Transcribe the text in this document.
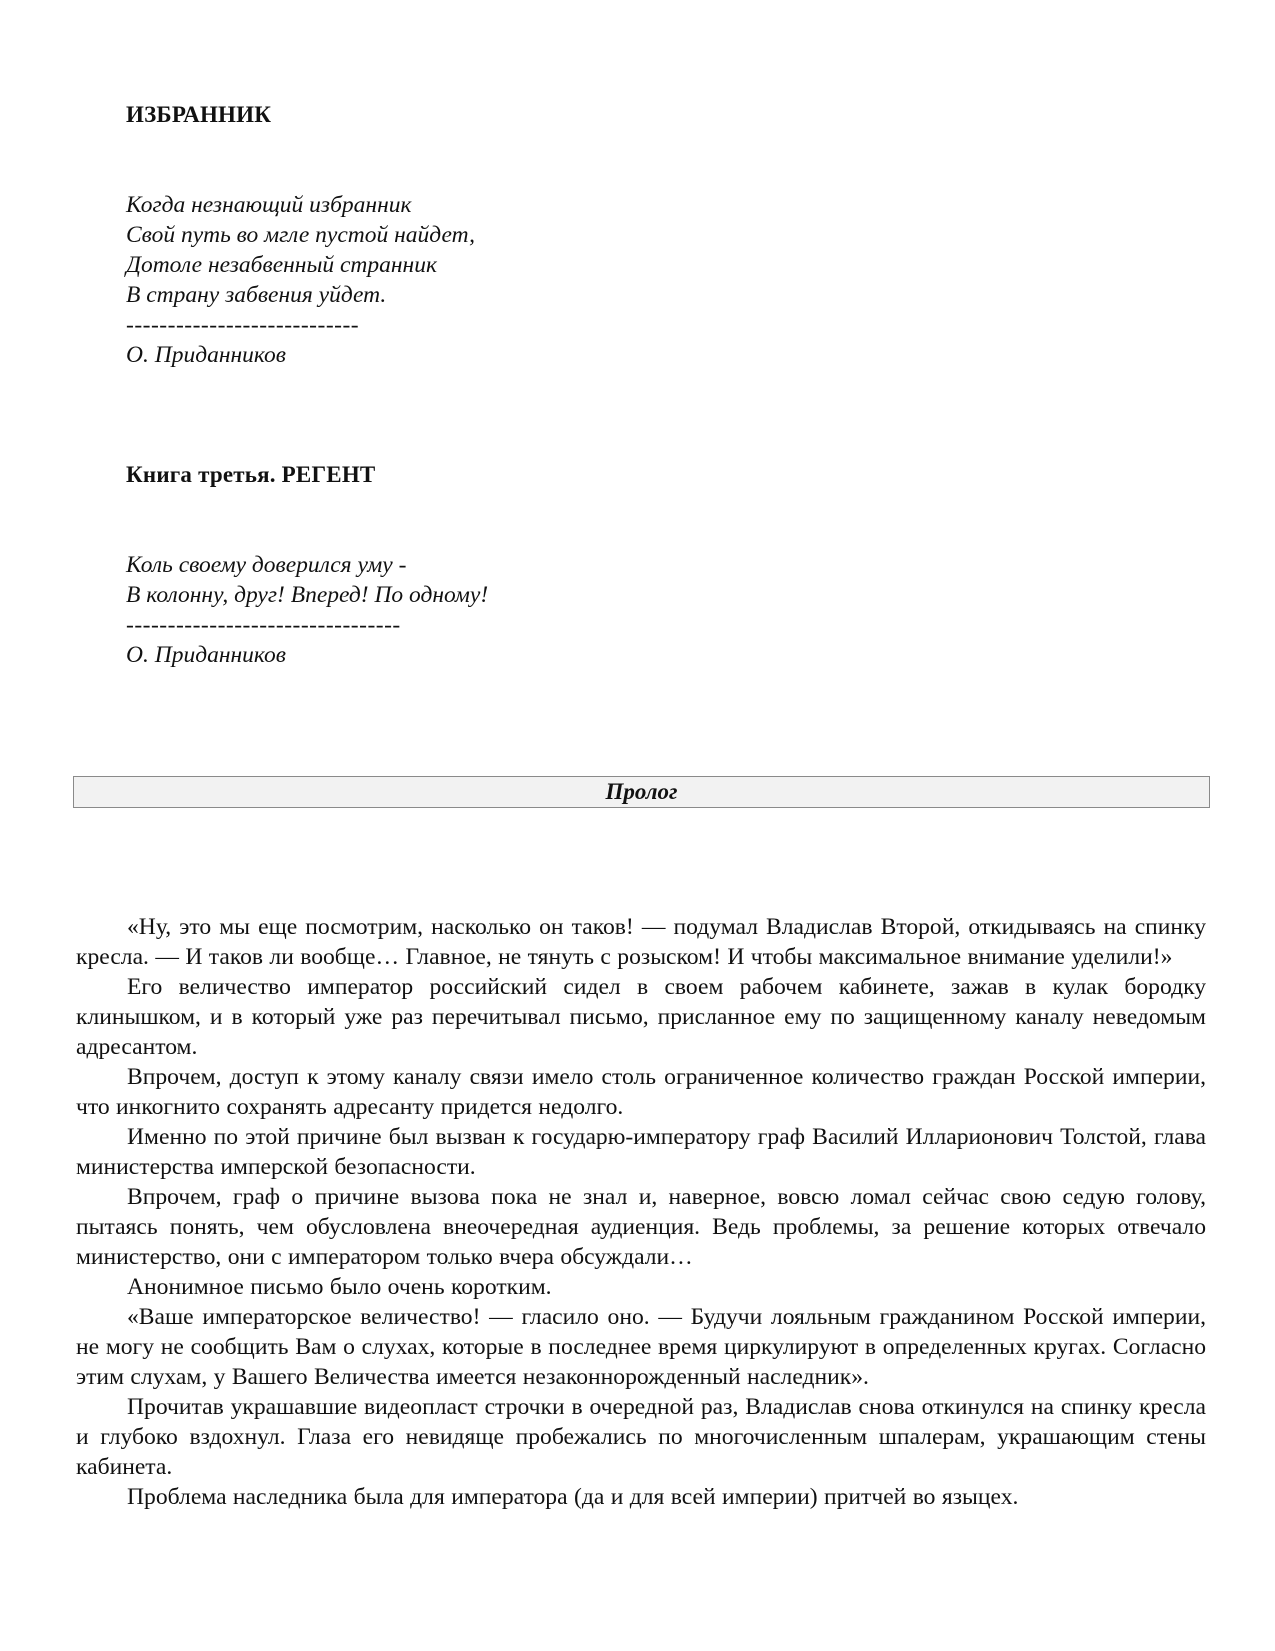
ИЗБРАННИК
Когда незнающий избранник
Свой путь во мгле пустой найдет,
Дотоле незабвенный странник
В страну забвения уйдет.
----------------------------
О. Приданников
Книга третья. РЕГЕНТ
Коль своему доверился уму -
В колонну, друг! Вперед! По одному!
---------------------------------
О. Приданников
Пролог

«Ну, это мы еще посмотрим, насколько он таков! — подумал Владислав Второй, откидываясь на спинку кресла. — И таков ли вообще… Главное, не тянуть с розыском! И чтобы максимальное внимание уделили!»

Его величество император российский сидел в своем рабочем кабинете, зажав в кулак бородку клинышком, и в который уже раз перечитывал письмо, присланное ему по защищенному каналу неведомым адресантом.

Впрочем, доступ к этому каналу связи имело столь ограниченное количество граждан Росской империи, что инкогнито сохранять адресанту придется недолго.

Именно по этой причине был вызван к государю-императору граф Василий Илларионович Толстой, глава министерства имперской безопасности.

Впрочем, граф о причине вызова пока не знал и, наверное, вовсю ломал сейчас свою седую голову, пытаясь понять, чем обусловлена внеочередная аудиенция. Ведь проблемы, за решение которых отвечало министерство, они с императором только вчера обсуждали…

Анонимное письмо было очень коротким.

«Ваше императорское величество! — гласило оно. — Будучи лояльным гражданином Росской империи, не могу не сообщить Вам о слухах, которые в последнее время циркулируют в определенных кругах. Согласно этим слухам, у Вашего Величества имеется незаконнорожденный наследник».

Прочитав украшавшие видеопласт строчки в очередной раз, Владислав снова откинулся на спинку кресла и глубоко вздохнул. Глаза его невидяще пробежались по многочисленным шпалерам, украшающим стены кабинета.

Проблема наследника была для императора (да и для всей империи) притчей во языцех.
